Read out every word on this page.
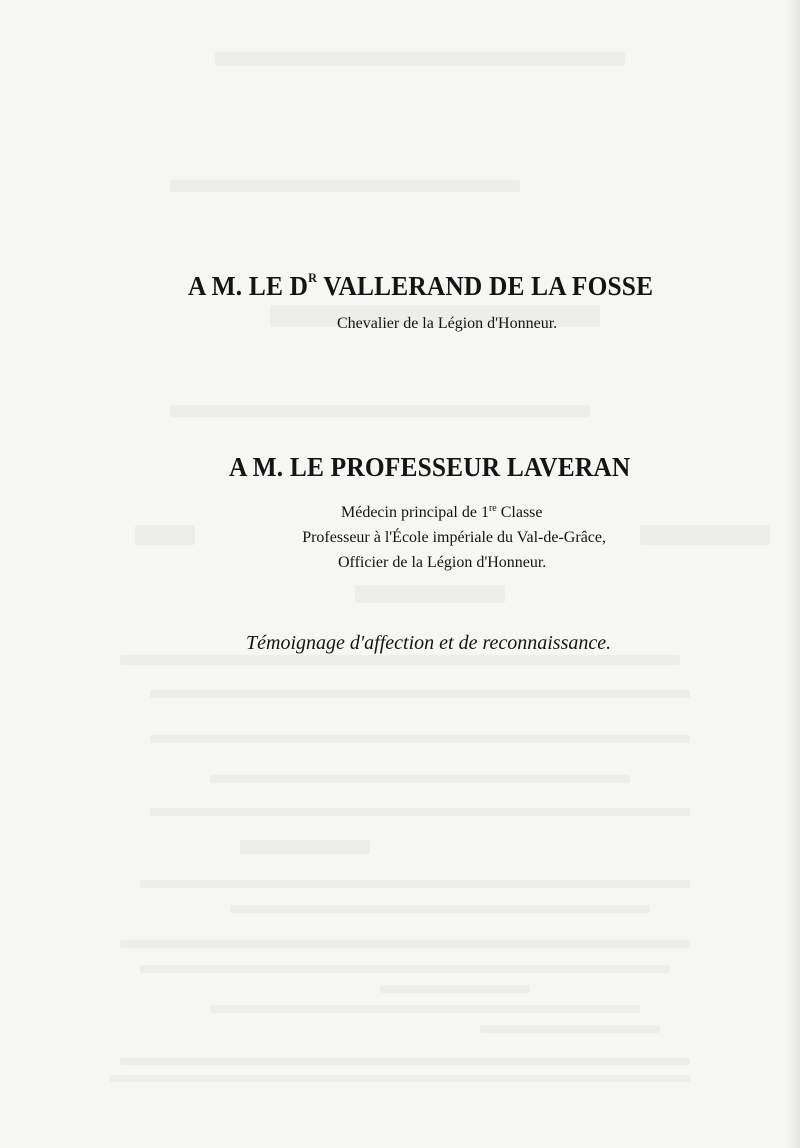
A M. LE $D^R$ VALLERAND DE LA FOSSE
Chevalier de la Légion d'Honneur.
A M. LE PROFESSEUR LAVERAN
Médecin principal de 1re Classe
Professeur à l'École impériale du Val-de-Grâce,
Officier de la Légion d'Honneur.
Témoignage d'affection et de reconnaissance.
